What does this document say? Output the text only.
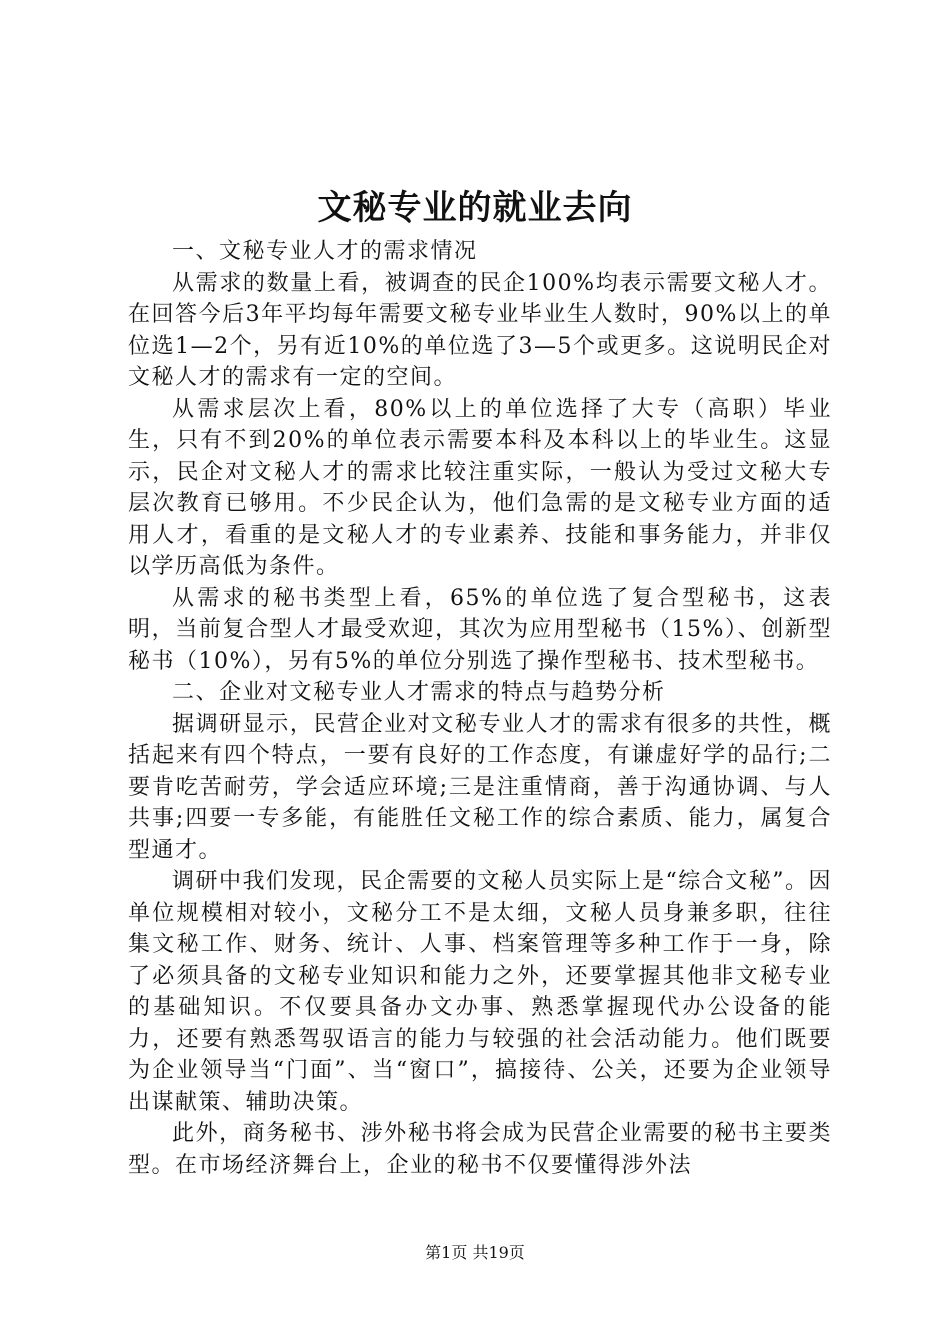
文秘专业的就业去向

一、文秘专业人才的需求情况

从需求的数量上看，被调查的民企100%均表示需要文秘人才。在回答今后3年平均每年需要文秘专业毕业生人数时，90%以上的单位选1—2个，另有近10%的单位选了3—5个或更多。这说明民企对文秘人才的需求有一定的空间。

从需求层次上看，80%以上的单位选择了大专（高职）毕业生，只有不到20%的单位表示需要本科及本科以上的毕业生。这显示，民企对文秘人才的需求比较注重实际，一般认为受过文秘大专层次教育已够用。不少民企认为，他们急需的是文秘专业方面的适用人才，看重的是文秘人才的专业素养、技能和事务能力，并非仅以学历高低为条件。

从需求的秘书类型上看，65%的单位选了复合型秘书，这表明，当前复合型人才最受欢迎，其次为应用型秘书（15%）、创新型秘书（10%），另有5%的单位分别选了操作型秘书、技术型秘书。

二、企业对文秘专业人才需求的特点与趋势分析

据调研显示，民营企业对文秘专业人才的需求有很多的共性，概括起来有四个特点，一要有良好的工作态度，有谦虚好学的品行;二要肯吃苦耐劳，学会适应环境;三是注重情商，善于沟通协调、与人共事;四要一专多能，有能胜任文秘工作的综合素质、能力，属复合型通才。

调研中我们发现，民企需要的文秘人员实际上是“综合文秘”。因单位规模相对较小，文秘分工不是太细，文秘人员身兼多职，往往集文秘工作、财务、统计、人事、档案管理等多种工作于一身，除了必须具备的文秘专业知识和能力之外，还要掌握其他非文秘专业的基础知识。不仅要具备办文办事、熟悉掌握现代办公设备的能力，还要有熟悉驾驭语言的能力与较强的社会活动能力。他们既要为企业领导当“门面”、当“窗口”，搞接待、公关，还要为企业领导出谋献策、辅助决策。

此外，商务秘书、涉外秘书将会成为民营企业需要的秘书主要类型。在市场经济舞台上，企业的秘书不仅要懂得涉外法

第1页 共19页
